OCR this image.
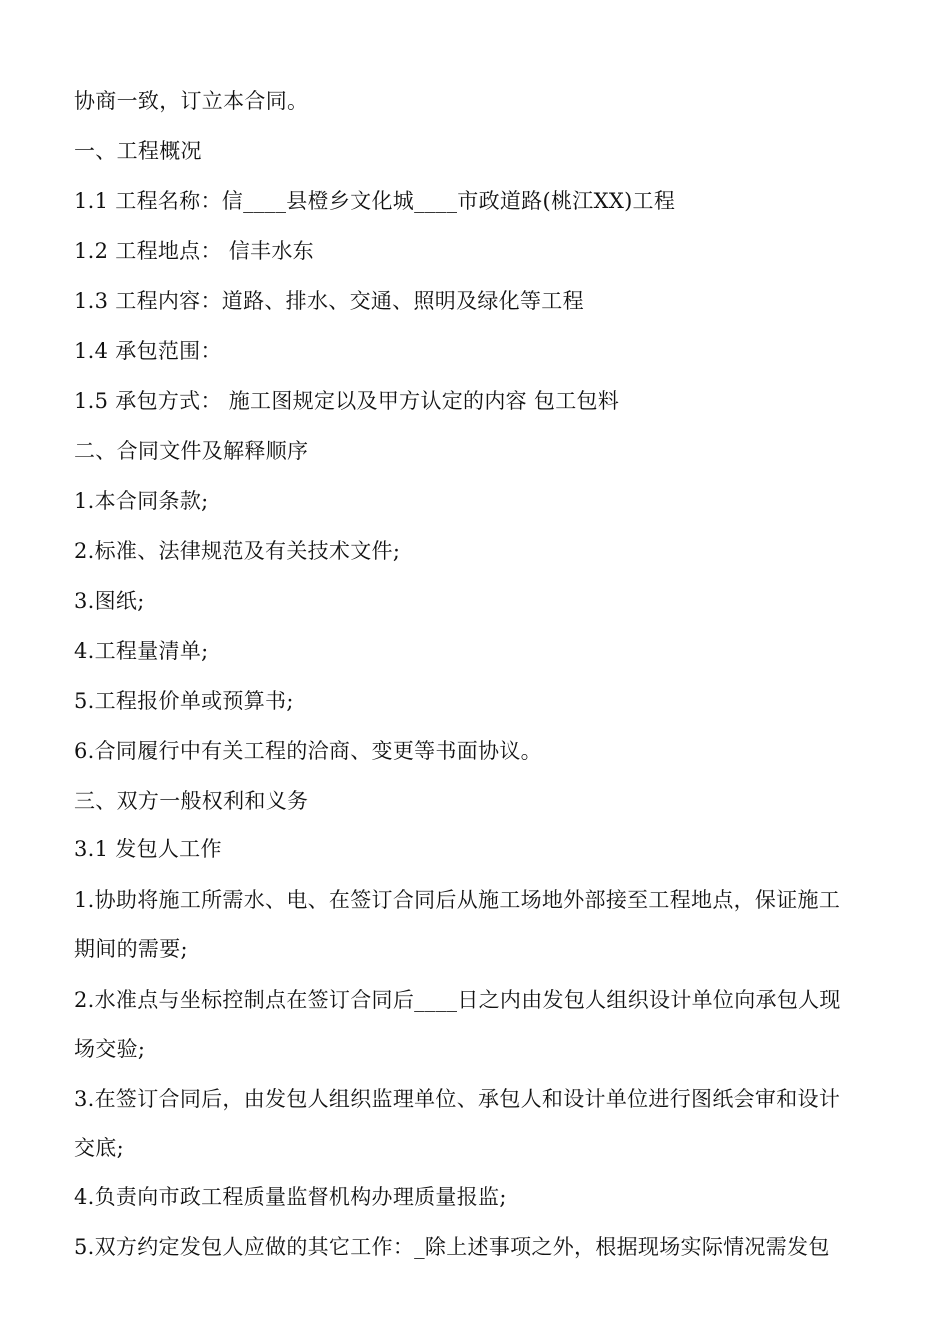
协商一致，订立本合同。
一、工程概况
1.1 工程名称：信____县橙乡文化城____市政道路(桃江XX)工程
1.2 工程地点： 信丰水东
1.3 工程内容：道路、排水、交通、照明及绿化等工程
1.4 承包范围：
1.5 承包方式： 施工图规定以及甲方认定的内容 包工包料
二、合同文件及解释顺序
1.本合同条款;
2.标准、法律规范及有关技术文件;
3.图纸;
4.工程量清单;
5.工程报价单或预算书;
6.合同履行中有关工程的洽商、变更等书面协议。
三、双方一般权利和义务
3.1 发包人工作
1.协助将施工所需水、电、在签订合同后从施工场地外部接至工程地点，保证施工
期间的需要;
2.水准点与坐标控制点在签订合同后____日之内由发包人组织设计单位向承包人现
场交验;
3.在签订合同后，由发包人组织监理单位、承包人和设计单位进行图纸会审和设计
交底;
4.负责向市政工程质量监督机构办理质量报监;
5.双方约定发包人应做的其它工作：_除上述事项之外，根据现场实际情况需发包
